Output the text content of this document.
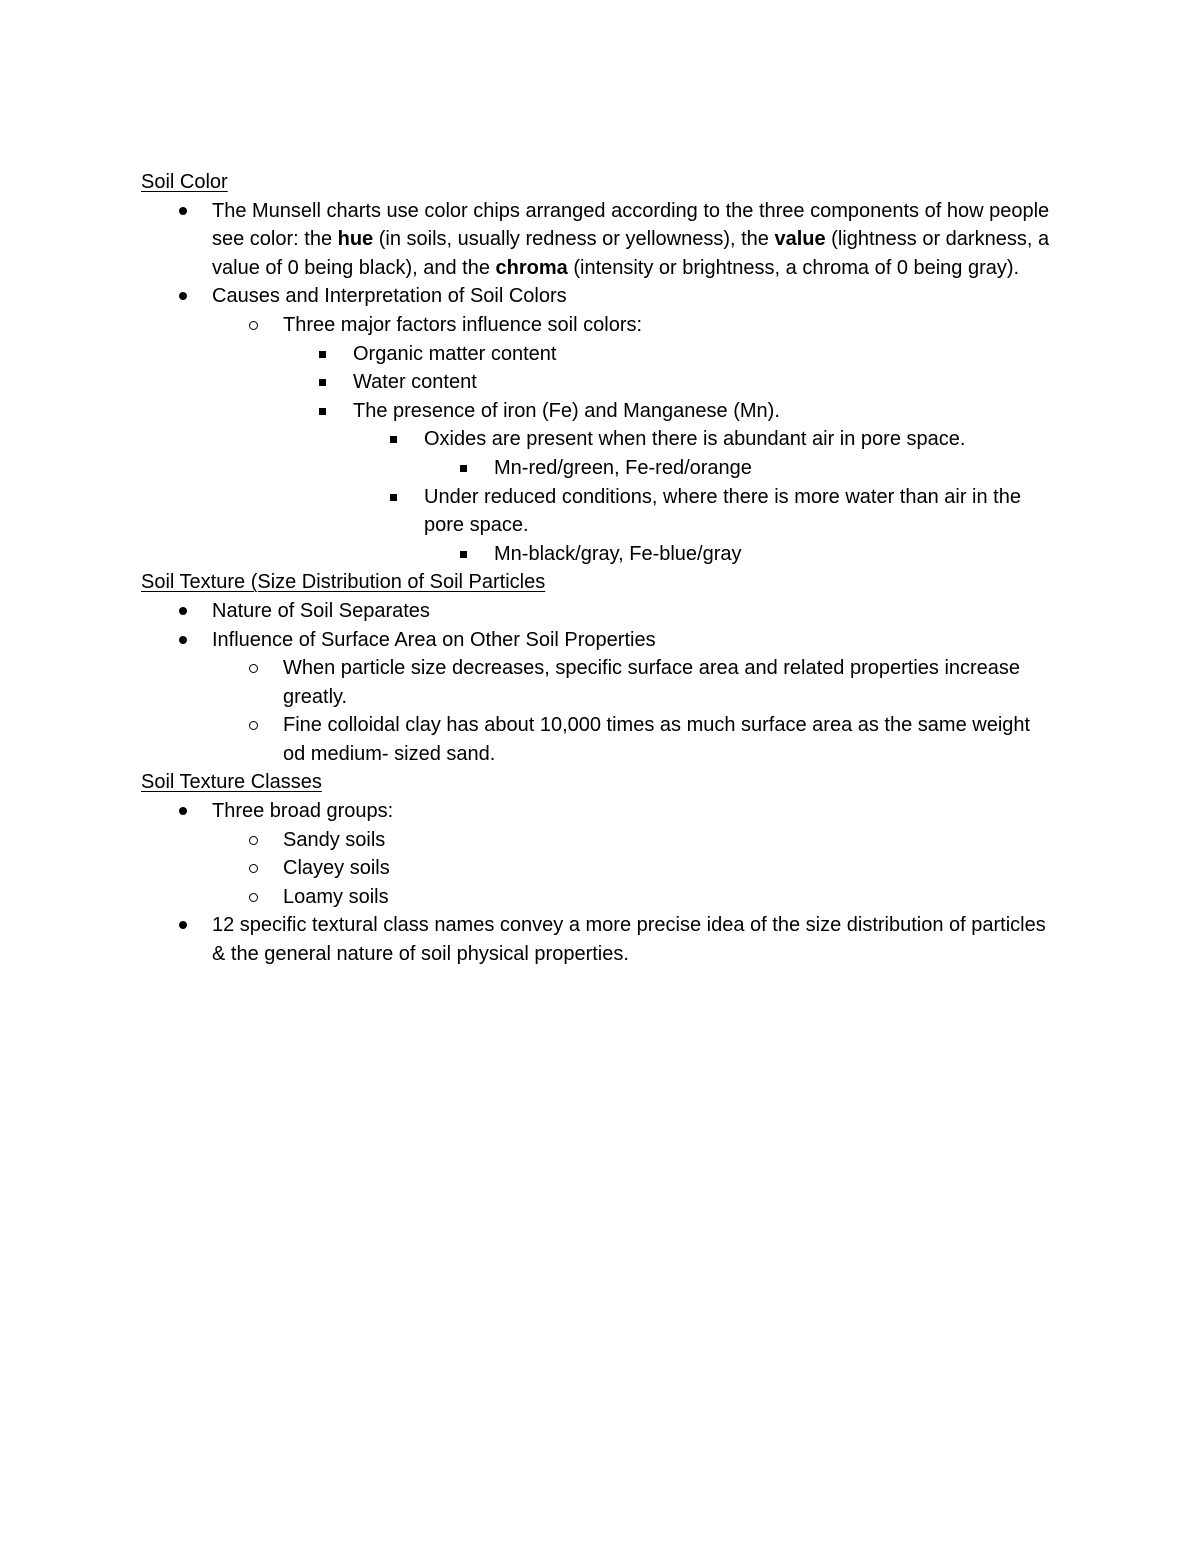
Soil Color
The Munsell charts use color chips arranged according to the three components of how people see color: the hue (in soils, usually redness or yellowness), the value (lightness or darkness, a value of 0 being black), and the chroma (intensity or brightness, a chroma of 0 being gray).
Causes and Interpretation of Soil Colors
Three major factors influence soil colors:
Organic matter content
Water content
The presence of iron (Fe) and Manganese (Mn).
Oxides are present when there is abundant air in pore space.
Mn-red/green, Fe-red/orange
Under reduced conditions, where there is more water than air in the pore space.
Mn-black/gray, Fe-blue/gray
Soil Texture (Size Distribution of Soil Particles
Nature of Soil Separates
Influence of Surface Area on Other Soil Properties
When particle size decreases, specific surface area and related properties increase greatly.
Fine colloidal clay has about 10,000 times as much surface area as the same weight od medium- sized sand.
Soil Texture Classes
Three broad groups:
Sandy soils
Clayey soils
Loamy soils
12 specific textural class names convey a more precise idea of the size distribution of particles & the general nature of soil physical properties.
